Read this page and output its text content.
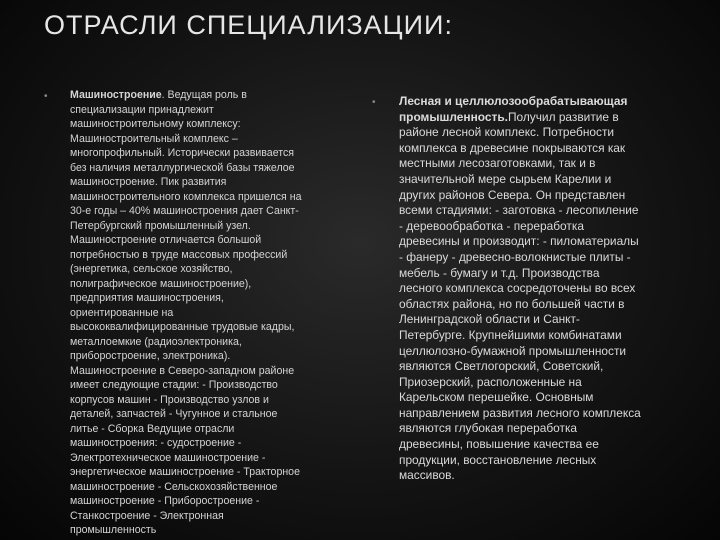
ОТРАСЛИ СПЕЦИАЛИЗАЦИИ:
• Машиностроение. Ведущая роль в
специализации принадлежит
машиностроительному комплексу:
Машиностроительный комплекс –
многопрофильный. Исторически развивается
без наличия металлургической базы тяжелое
машиностроение. Пик развития
машиностроительного комплекса пришелся на
30-е годы – 40% машиностроения дает Санкт-
Петербургский промышленный узел.
Машиностроение отличается большой
потребностью в труде массовых профессий
(энергетика, сельское хозяйство,
полиграфическое машиностроение),
предприятия машиностроения,
ориентированные на
высококвалифицированные трудовые кадры,
металлоемкие (радиоэлектроника,
приборостроение, электроника).
Машиностроение в Северо-западном районе
имеет следующие стадии: - Производство
корпусов машин - Производство узлов и
деталей, запчастей - Чугунное и стальное
литье - Сборка Ведущие отрасли
машиностроения: - судостроение -
Электротехническое машиностроение -
энергетическое машиностроение - Тракторное
машиностроение - Сельскохозяйственное
машиностроение - Приборостроение -
Станкостроение - Электронная
промышленность

• Лесная и целлюлозообрабатывающая
промышленность.Получил развитие в
районе лесной комплекс. Потребности
комплекса в древесине покрываются как
местными лесозаготовками, так и в
значительной мере сырьем Карелии и
других районов Севера. Он представлен
всеми стадиями: - заготовка - лесопиление
- деревообработка - переработка
древесины и производит: - пиломатериалы
- фанеру - древесно-волокнистые плиты -
мебель - бумагу и т.д. Производства
лесного комплекса сосредоточены во всех
областях района, но по большей части в
Ленинградской области и Санкт-
Петербурге. Крупнейшими комбинатами
целлюлозно-бумажной промышленности
являются Светлогорский, Советский,
Приозерский, расположенные на
Карельском перешейке. Основным
направлением развития лесного комплекса
являются глубокая переработка
древесины, повышение качества ее
продукции, восстановление лесных
массивов.
